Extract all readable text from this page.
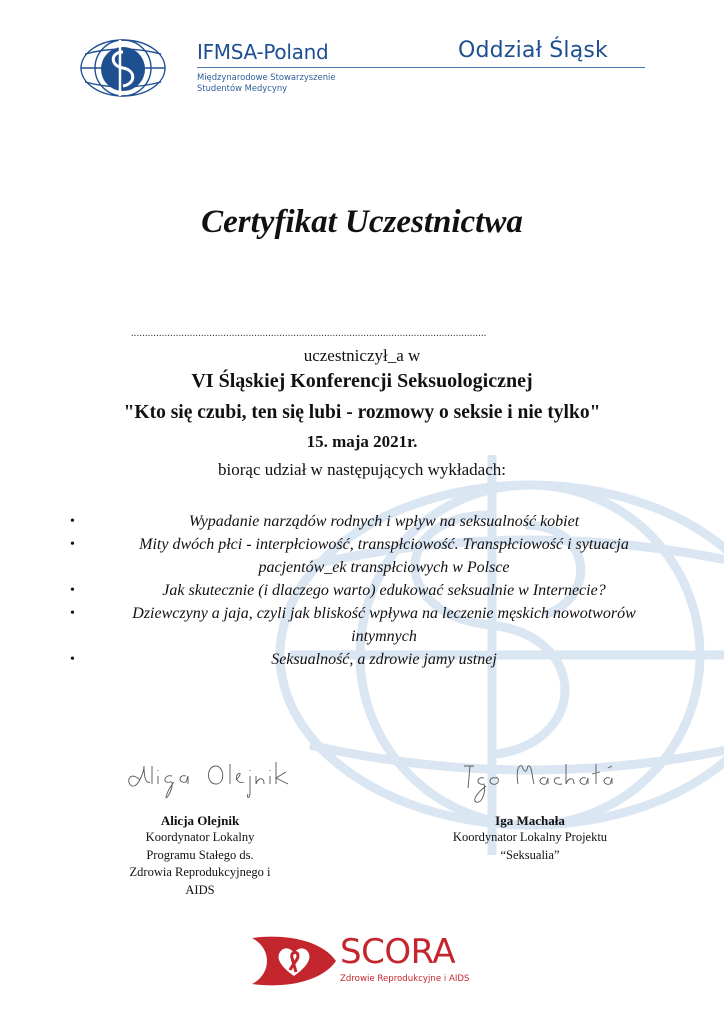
IFMSA-Poland
Międzynarodowe Stowarzyszenie
Studentów Medycyny
Oddział Śląsk
Certyfikat Uczestnictwa
...............................................................................................................................
uczestniczył_a w
VI Śląskiej Konferencji Seksuologicznej
"Kto się czubi, ten się lubi - rozmowy o seksie i nie tylko"
15. maja 2021r.
biorąc udział w następujących wykładach:
•	Wypadanie narządów rodnych i wpływ na seksualność kobiet
•	Mity dwóch płci - interpłciowość, transpłciowość. Transpłciowość i sytuacja pacjentów_ek transpłciowych w Polsce
•	Jak skutecznie (i dlaczego warto) edukować seksualnie w Internecie?
•	Dziewczyny a jaja, czyli jak bliskość wpływa na leczenie męskich nowotworów intymnych
•	Seksualność, a zdrowie jamy ustnej
Alicja Olejnik
Koordynator Lokalny
Programu Stałego ds.
Zdrowia Reprodukcyjnego i
AIDS
Iga Machała
Koordynator Lokalny Projektu
“Seksualia”
SCORA
Zdrowie Reprodukcyjne i AIDS
